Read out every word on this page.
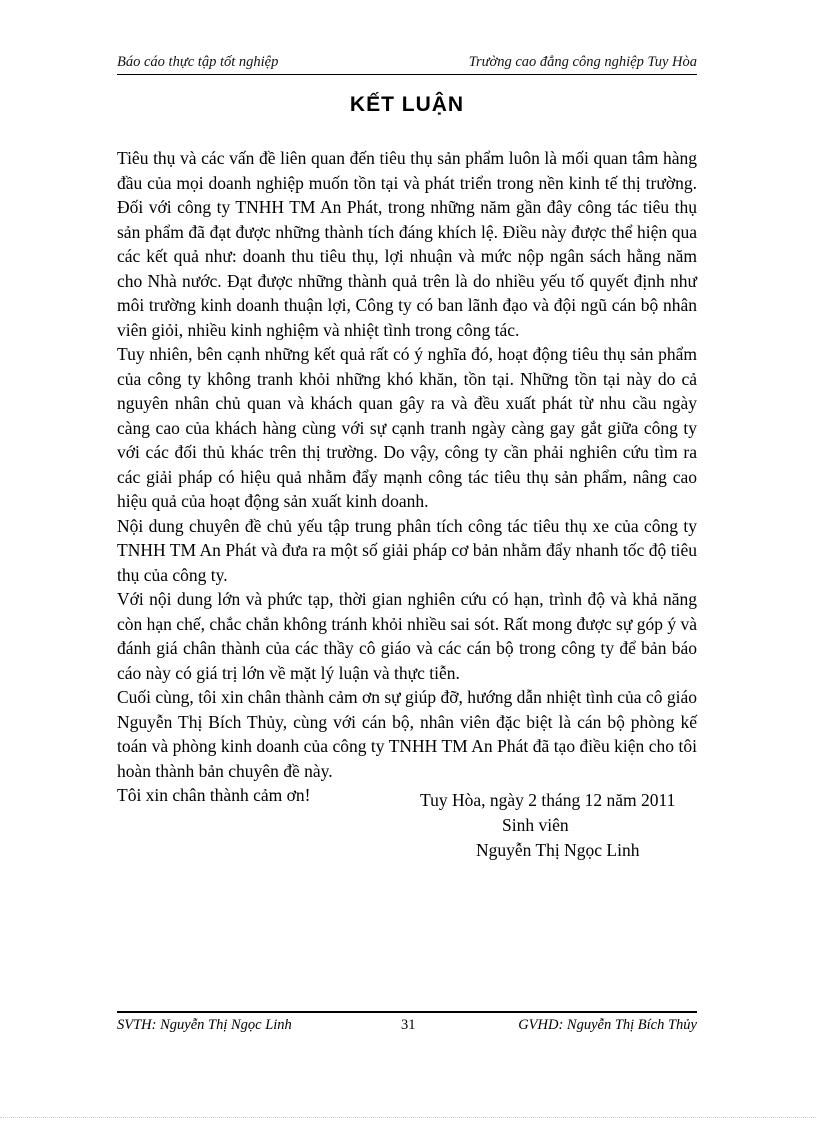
Báo cáo thực tập tốt nghiệp	Trường cao đẳng công nghiệp Tuy Hòa
KẾT LUẬN

Tiêu thụ và các vấn đề liên quan đến tiêu thụ sản phẩm luôn là mối quan tâm hàng đầu của mọi doanh nghiệp muốn tồn tại và phát triển trong nền kinh tế thị trường. Đối với công ty TNHH TM An Phát, trong những năm gần đây công tác tiêu thụ sản phẩm đã đạt được những thành tích đáng khích lệ. Điều này được thể hiện qua các kết quả như: doanh thu tiêu thụ, lợi nhuận và mức nộp ngân sách hằng năm cho Nhà nước. Đạt được những thành quả trên là do nhiều yếu tố quyết định như môi trường kinh doanh thuận lợi, Công ty có ban lãnh đạo và đội ngũ cán bộ nhân viên giỏi, nhiều kinh nghiệm và nhiệt tình trong công tác.

Tuy nhiên, bên cạnh những kết quả rất có ý nghĩa đó, hoạt động tiêu thụ sản phẩm của công ty không tranh khỏi những khó khăn, tồn tại. Những tồn tại này do cả nguyên nhân chủ quan và khách quan gây ra và đều xuất phát từ nhu cầu ngày càng cao của khách hàng cùng với sự cạnh tranh ngày càng gay gắt giữa công ty với các đối thủ khác trên thị trường. Do vậy, công ty cần phải nghiên cứu tìm ra các giải pháp có hiệu quả nhằm đẩy mạnh công tác tiêu thụ sản phẩm, nâng cao hiệu quả của hoạt động sản xuất kinh doanh.

Nội dung chuyên đề chủ yếu tập trung phân tích công tác tiêu thụ xe của công ty TNHH TM An Phát và đưa ra một số giải pháp cơ bản nhằm đẩy nhanh tốc độ tiêu thụ của công ty.

Với nội dung lớn và phức tạp, thời gian nghiên cứu có hạn, trình độ và khả năng còn hạn chế, chắc chắn không tránh khỏi nhiều sai sót. Rất mong được sự góp ý và đánh giá chân thành của các thầy cô giáo và các cán bộ trong công ty để bản báo cáo này có giá trị lớn về mặt lý luận và thực tiễn.

Cuối cùng, tôi xin chân thành cảm ơn sự giúp đỡ, hướng dẫn nhiệt tình của cô giáo Nguyễn Thị Bích Thủy, cùng với cán bộ, nhân viên đặc biệt là cán bộ phòng kế toán và phòng kinh doanh của công ty TNHH TM An Phát đã tạo điều kiện cho tôi hoàn thành bản chuyên đề này.

Tôi xin chân thành cảm ơn!	Tuy Hòa, ngày 2 tháng 12 năm 2011
Sinh viên
Nguyễn Thị Ngọc Linh
SVTH: Nguyễn Thị Ngọc Linh	31	GVHD: Nguyễn Thị Bích Thủy
